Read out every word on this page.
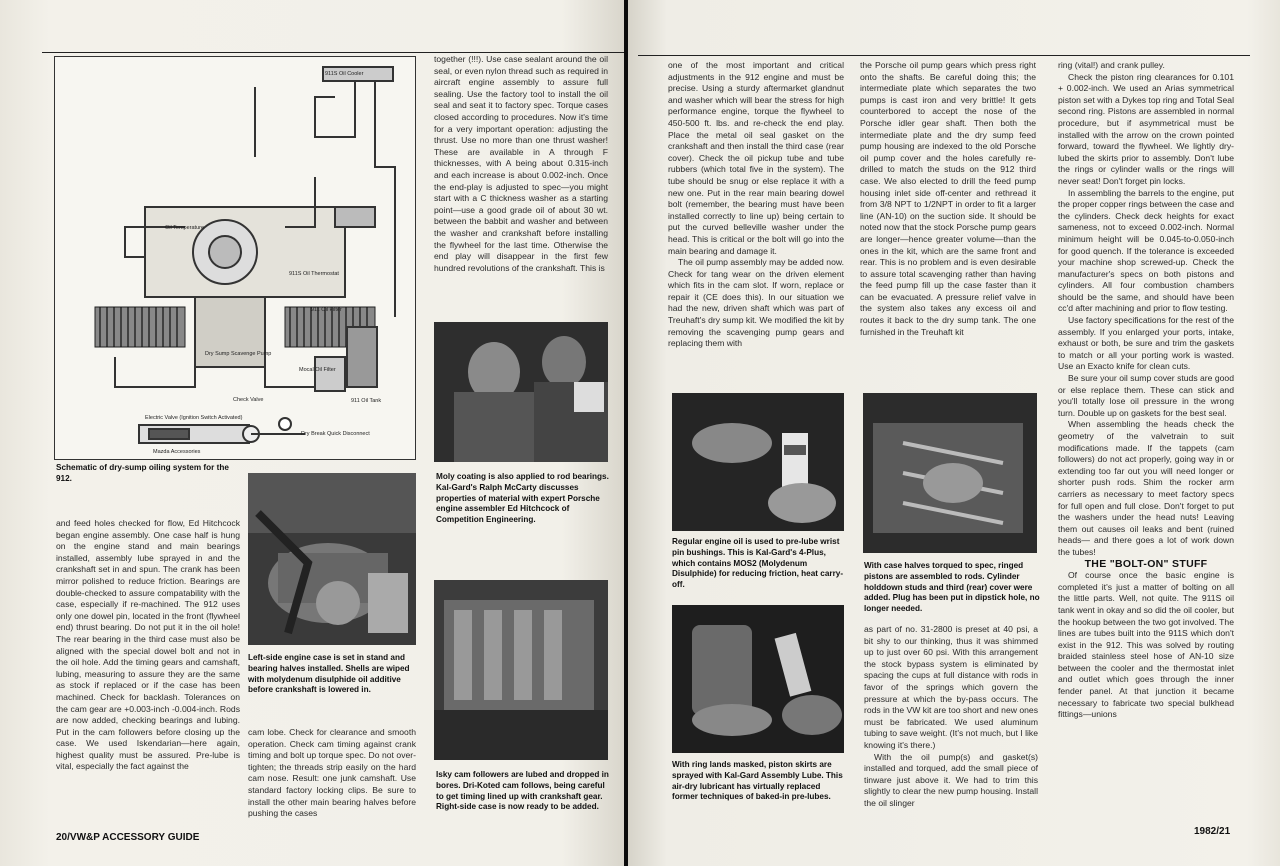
911S Oil Cooler
Oil Temperature
911S Oil Thermostat
911 Oil Filter
Mocal Oil Filter
Check Valve
Dry Sump Scavenge Pump
911 Oil Tank
Electric Valve (Ignition Switch Activated)
Dry Break Quick Disconnect
Mazda Accessories
Schematic of dry-sump oiling system for the 912.

and feed holes checked for flow, Ed Hitchcock began engine assembly. One case half is hung on the engine stand and main bearings installed, assembly lube sprayed in and the crankshaft set in and spun. The crank has been mirror polished to reduce friction. Bearings are double-checked to assure compatability with the case, especially if re-machined. The 912 uses only one dowel pin, located in the front (flywheel end) thrust bearing. Do not put it in the oil hole! The rear bearing in the third case must also be aligned with the special dowel bolt and not in the oil hole. Add the timing gears and camshaft, lubing, measuring to assure they are the same as stock if replaced or if the case has been machined. Check for backlash. Tolerances on the cam gear are +0.003-inch -0.004-inch. Rods are now added, checking bearings and lubing. Put in the cam followers before closing up the case. We used Iskendarian—here again, highest quality must be assured. Pre-lube is vital, especially the fact against the

Left-side engine case is set in stand and bearing halves installed. Shells are wiped with molydenum disulphide oil additive before crankshaft is lowered in.

cam lobe. Check for clearance and smooth operation. Check cam timing against crank timing and bolt up torque spec. Do not over-tighten; the threads strip easily on the hard cam nose. Result: one junk camshaft. Use standard factory locking clips. Be sure to install the other main bearing halves before pushing the cases

together (!!!). Use case sealant around the oil seal, or even nylon thread such as required in aircraft engine assembly to assure full sealing. Use the factory tool to install the oil seal and seat it to factory spec. Torque cases closed according to procedures. Now it's time for a very important operation: adjusting the thrust. Use no more than one thrust washer! These are available in A through F thicknesses, with A being about 0.315-inch and each increase is about 0.002-inch. Once the end-play is adjusted to spec—you might start with a C thickness washer as a starting point—use a good grade oil of about 30 wt. between the babbit and washer and between the washer and crankshaft before installing the flywheel for the last time. Otherwise the end play will disappear in the first few hundred revolutions of the crankshaft. This is

Moly coating is also applied to rod bearings. Kal-Gard's Ralph McCarty discusses properties of material with expert Porsche engine assembler Ed Hitchcock of Competition Engineering.
Isky cam followers are lubed and dropped in bores. Dri-Koted cam follows, being careful to get timing lined up with crankshaft gear. Right-side case is now ready to be added.
20/VW&P ACCESSORY GUIDE

one of the most important and critical adjustments in the 912 engine and must be precise. Using a sturdy aftermarket glandnut and washer which will bear the stress for high performance engine, torque the flywheel to 450-500 ft. lbs. and re-check the end play. Place the metal oil seal gasket on the crankshaft and then install the third case (rear cover). Check the oil pickup tube and tube rubbers (which total five in the system). The tube should be snug or else replace it with a new one. Put in the rear main bearing dowel bolt (remember, the bearing must have been installed correctly to line up) being certain to put the curved belleville washer under the head. This is critical or the bolt will go into the main bearing and damage it.

The oil pump assembly may be added now. Check for tang wear on the driven element which fits in the cam slot. If worn, replace or repair it (CE does this). In our situation we had the new, driven shaft which was part of Treuhaft's dry sump kit. We modified the kit by removing the scavenging pump gears and replacing them with

Regular engine oil is used to pre-lube wrist pin bushings. This is Kal-Gard's 4-Plus, which contains MOS2 (Molydenum Disulphide) for reducing friction, heat carry-off.
With ring lands masked, piston skirts are sprayed with Kal-Gard Assembly Lube. This air-dry lubricant has virtually replaced former techniques of baked-in pre-lubes.

the Porsche oil pump gears which press right onto the shafts. Be careful doing this; the intermediate plate which separates the two pumps is cast iron and very brittle! It gets counterbored to accept the nose of the Porsche idler gear shaft. Then both the intermediate plate and the dry sump feed pump housing are indexed to the old Porsche oil pump cover and the holes carefully re-drilled to match the studs on the 912 third case. We also elected to drill the feed pump housing inlet side off-center and rethread it from 3/8 NPT to 1/2NPT in order to fit a larger line (AN-10) on the suction side. It should be noted now that the stock Porsche pump gears are longer—hence greater volume—than the ones in the kit, which are the same front and rear. This is no problem and is even desirable to assure total scavenging rather than having the feed pump fill up the case faster than it can be evacuated. A pressure relief valve in the system also takes any excess oil and routes it back to the dry sump tank. The one furnished in the Treuhaft kit

With case halves torqued to spec, ringed pistons are assembled to rods. Cylinder holddown studs and third (rear) cover were added. Plug has been put in dipstick hole, no longer needed.

as part of no. 31-2800 is preset at 40 psi, a bit shy to our thinking, thus it was shimmed up to just over 60 psi. With this arrangement the stock bypass system is eliminated by spacing the cups at full distance with rods in favor of the springs which govern the pressure at which the by-pass occurs. The rods in the VW kit are too short and new ones must be fabricated. We used aluminum tubing to save weight. (It's not much, but I like knowing it's there.)

With the oil pump(s) and gasket(s) installed and torqued, add the small piece of tinware just above it. We had to trim this slightly to clear the new pump housing. Install the oil slinger

ring (vital!) and crank pulley.

Check the piston ring clearances for 0.101 + 0.002-inch. We used an Arias symmetrical piston set with a Dykes top ring and Total Seal second ring. Pistons are assembled in normal procedure, but if asymmetrical must be installed with the arrow on the crown pointed forward, toward the flywheel. We lightly dry-lubed the skirts prior to assembly. Don't lube the rings or cylinder walls or the rings will never seat! Don't forget pin locks.

In assembling the barrels to the engine, put the proper copper rings between the case and the cylinders. Check deck heights for exact sameness, not to exceed 0.002-inch. Normal minimum height will be 0.045-to-0.050-inch for good quench. If the tolerance is exceeded your machine shop screwed-up. Check the manufacturer's specs on both pistons and cylinders. All four combustion chambers should be the same, and should have been cc'd after machining and prior to flow testing.

Use factory specifications for the rest of the assembly. If you enlarged your ports, intake, exhaust or both, be sure and trim the gaskets to match or all your porting work is wasted. Use an Exacto knife for clean cuts.

Be sure your oil sump cover studs are good or else replace them. These can stick and you'll totally lose oil pressure in the wrong turn. Double up on gaskets for the best seal.

When assembling the heads check the geometry of the valvetrain to suit modifications made. If the tappets (cam followers) do not act properly, going way in or extending too far out you will need longer or shorter push rods. Shim the rocker arm carriers as necessary to meet factory specs for full open and full close. Don't forget to put the washers under the head nuts! Leaving them out causes oil leaks and bent (ruined heads— and there goes a lot of work down the tubes!

THE "BOLT-ON" STUFF

Of course once the basic engine is completed it's just a matter of bolting on all the little parts. Well, not quite. The 911S oil tank went in okay and so did the oil cooler, but the hookup between the two got involved. The lines are tubes built into the 911S which don't exist in the 912. This was solved by routing braided stainless steel hose of AN-10 size between the cooler and the thermostat inlet and outlet which goes through the inner fender panel. At that junction it became necessary to fabricate two special bulkhead fittings—unions

1982/21
